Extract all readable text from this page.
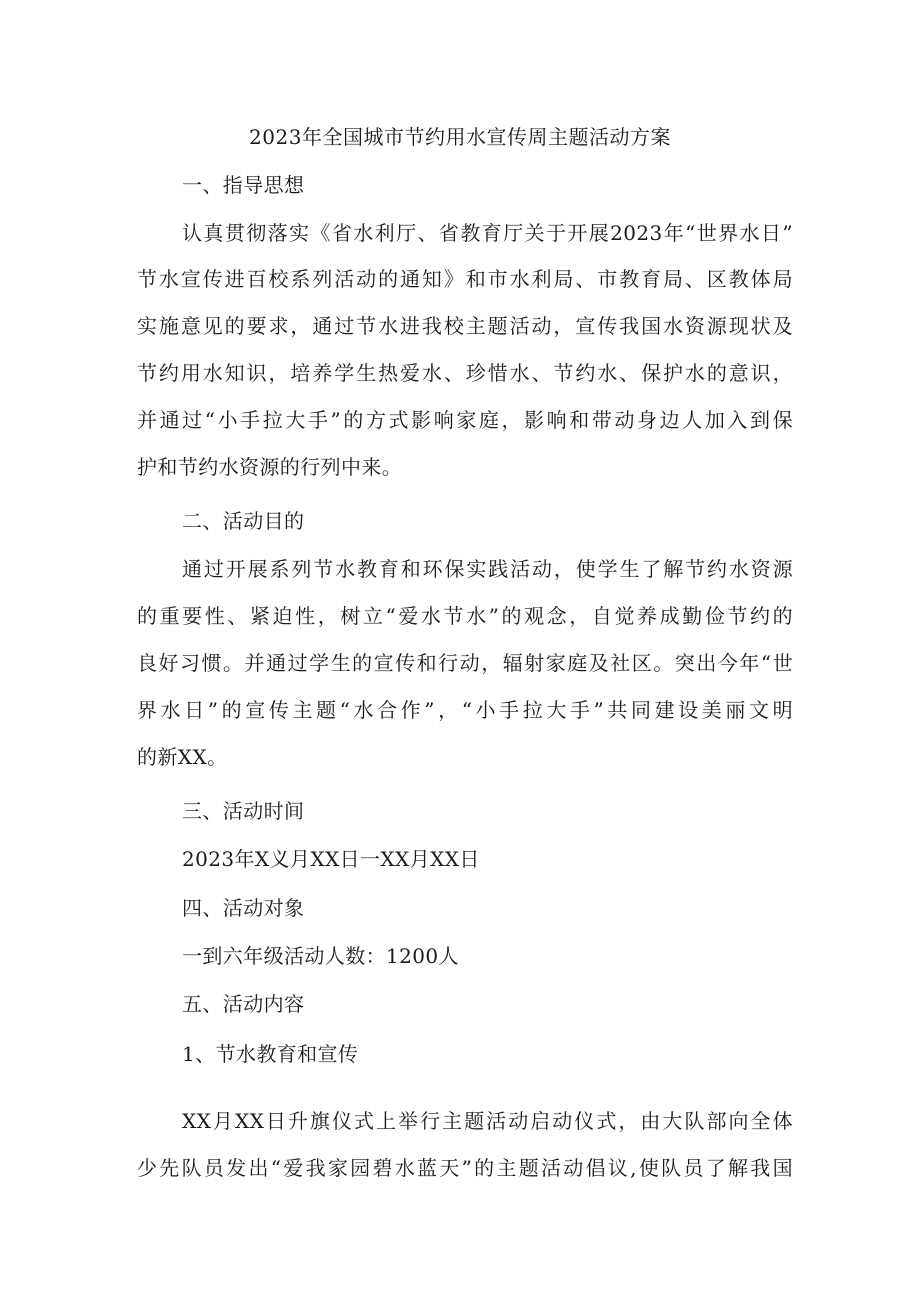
2023年全国城市节约用水宣传周主题活动方案
一、指导思想
认真贯彻落实《省水利厅、省教育厅关于开展2023年“世界水日”
节水宣传进百校系列活动的通知》和市水利局、市教育局、区教体局
实施意见的要求，通过节水进我校主题活动，宣传我国水资源现状及
节约用水知识，培养学生热爱水、珍惜水、节约水、保护水的意识，
并通过“小手拉大手”的方式影响家庭，影响和带动身边人加入到保
护和节约水资源的行列中来。
二、活动目的
通过开展系列节水教育和环保实践活动，使学生了解节约水资源
的重要性、紧迫性，树立“爱水节水”的观念，自觉养成勤俭节约的
良好习惯。并通过学生的宣传和行动，辐射家庭及社区。突出今年“世
界水日”的宣传主题“水合作”，“小手拉大手”共同建设美丽文明
的新XX。
三、活动时间
2023年X义月XX日一XX月XX日
四、活动对象
一到六年级活动人数：1200人
五、活动内容
1、节水教育和宣传
XX月XX日升旗仪式上举行主题活动启动仪式，由大队部向全体
少先队员发出“爱我家园碧水蓝天”的主题活动倡议,使队员了解我国
